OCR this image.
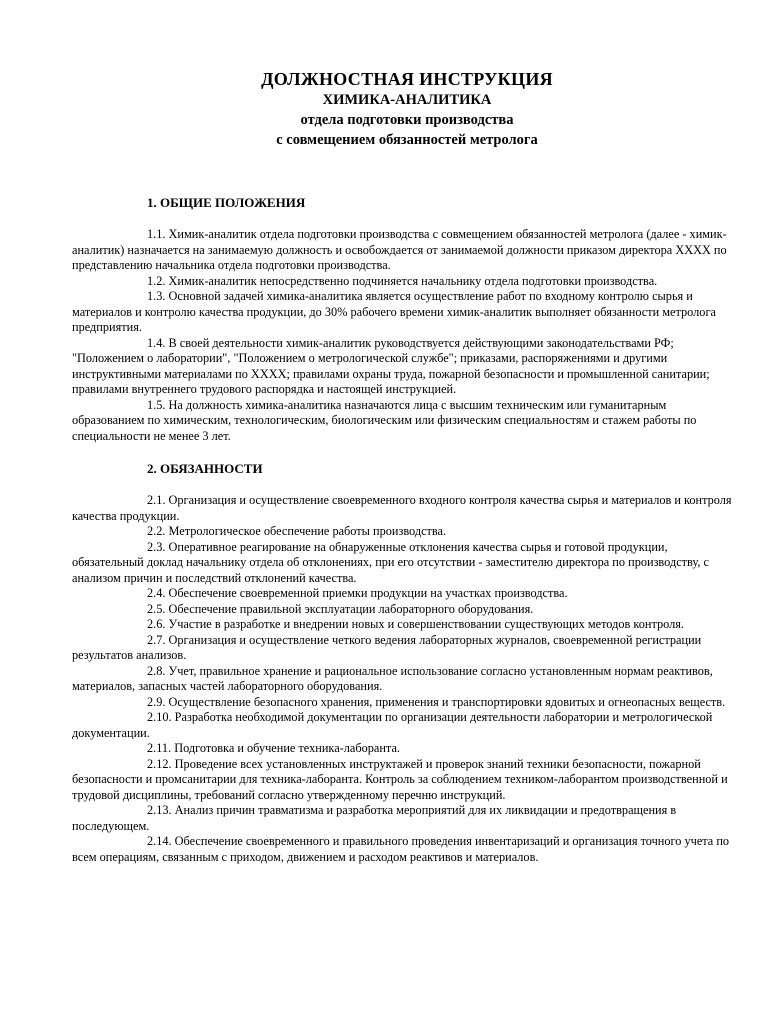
ДОЛЖНОСТНАЯ ИНСТРУКЦИЯ
ХИМИКА-АНАЛИТИКА
отдела подготовки производства
с совмещением обязанностей метролога
1. ОБЩИЕ ПОЛОЖЕНИЯ

1.1. Химик-аналитик отдела подготовки производства с совмещением обязанностей метролога (далее - химик-аналитик) назначается на занимаемую должность и освобождается от занимаемой должности приказом директора ХХХХ по представлению начальника отдела подготовки производства.

1.2. Химик-аналитик непосредственно подчиняется начальнику отдела подготовки производства.

1.3. Основной задачей химика-аналитика является осуществление работ по входному контролю сырья и материалов и контролю качества продукции, до 30% рабочего времени химик-аналитик выполняет обязанности метролога предприятия.

1.4. В своей деятельности химик-аналитик руководствуется действующими законодательствами РФ; "Положением о лаборатории", "Положением о метрологической службе"; приказами, распоряжениями и другими инструктивными материалами по ХХХХ; правилами охраны труда, пожарной безопасности и промышленной санитарии; правилами внутреннего трудового распорядка и настоящей инструкцией.

1.5. На должность химика-аналитика назначаются лица с высшим техническим или гуманитарным образованием по химическим, технологическим, биологическим или физическим специальностям и стажем работы по специальности не менее 3 лет.

2. ОБЯЗАННОСТИ

2.1. Организация и осуществление своевременного входного контроля качества сырья и материалов и контроля качества продукции.

2.2. Метрологическое обеспечение работы производства.

2.3. Оперативное реагирование на обнаруженные отклонения качества сырья и готовой продукции, обязательный доклад начальнику отдела об отклонениях, при его отсутствии - заместителю директора по производству, с анализом причин и последствий отклонений качества.

2.4. Обеспечение своевременной приемки продукции на участках производства.

2.5. Обеспечение правильной эксплуатации лабораторного оборудования.

2.6. Участие в разработке и внедрении новых и совершенствовании существующих методов контроля.

2.7. Организация и осуществление четкого ведения лабораторных журналов, своевременной регистрации результатов анализов.

2.8. Учет, правильное хранение и рациональное использование согласно установленным нормам реактивов, материалов, запасных частей лабораторного оборудования.

2.9. Осуществление безопасного хранения, применения и транспортировки ядовитых и огнеопасных веществ.

2.10. Разработка необходимой документации по организации деятельности лаборатории и метрологической документации.

2.11. Подготовка и обучение техника-лаборанта.

2.12. Проведение всех установленных инструктажей и проверок знаний техники безопасности, пожарной безопасности и промсанитарии для техника-лаборанта. Контроль за соблюдением техником-лаборантом производственной и трудовой дисциплины, требований согласно утвержденному перечню инструкций.

2.13. Анализ причин травматизма и разработка мероприятий для их ликвидации и предотвращения в последующем.

2.14. Обеспечение своевременного и правильного проведения инвентаризаций и организация точного учета по всем операциям, связанным с приходом, движением и расходом реактивов и материалов.
